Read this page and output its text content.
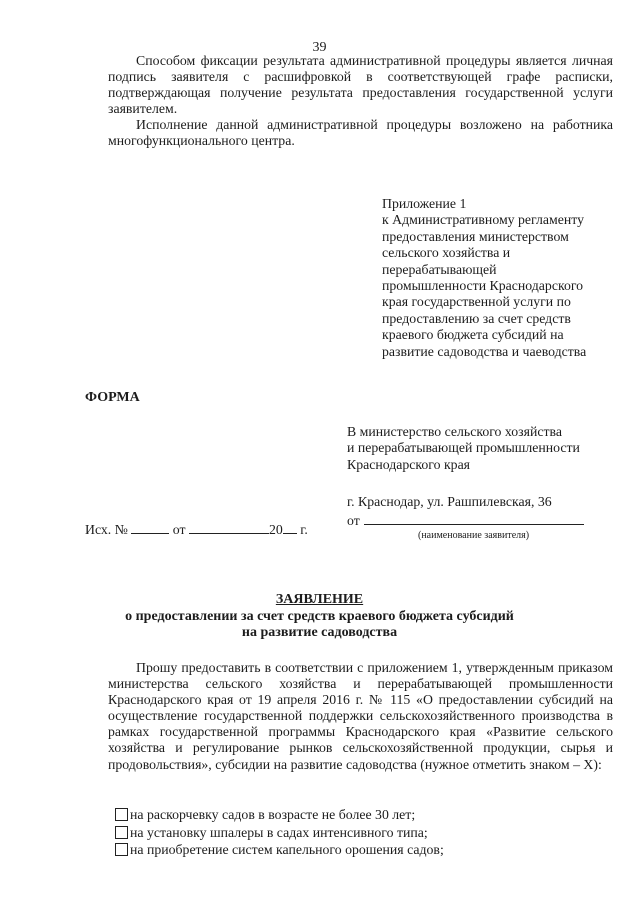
39
Способом фиксации результата административной процедуры является личная подпись заявителя с расшифровкой в соответствующей графе расписки, подтверждающая получение результата предоставления государственной услуги заявителем.
Исполнение данной административной процедуры возложено на работника многофункционального центра.
Приложение 1
к Административному регламенту
предоставления министерством
сельского хозяйства и
перерабатывающей
промышленности Краснодарского
края государственной услуги по
предоставлению за счет средств
краевого бюджета субсидий на
развитие садоводства и чаеводства
ФОРМА
В министерство сельского хозяйства
и перерабатывающей промышленности
Краснодарского края
г. Краснодар, ул. Рашпилевская, 36
от
(наименование заявителя)
Исх. №	от	20 г.
ЗАЯВЛЕНИЕ
о предоставлении за счет средств краевого бюджета субсидий
на развитие садоводства
Прошу предоставить в соответствии с приложением 1, утвержденным приказом министерства сельского хозяйства и перерабатывающей промышленности Краснодарского края от 19 апреля 2016 г. № 115 «О предоставлении субсидий на осуществление государственной поддержки сельскохозяйственного производства в рамках государственной программы Краснодарского края «Развитие сельского хозяйства и регулирование рынков сельскохозяйственной продукции, сырья и продовольствия», субсидии на развитие садоводства (нужное отметить знаком – Х):
на раскорчевку садов в возрасте не более 30 лет;
на установку шпалеры в садах интенсивного типа;
на приобретение систем капельного орошения садов;
